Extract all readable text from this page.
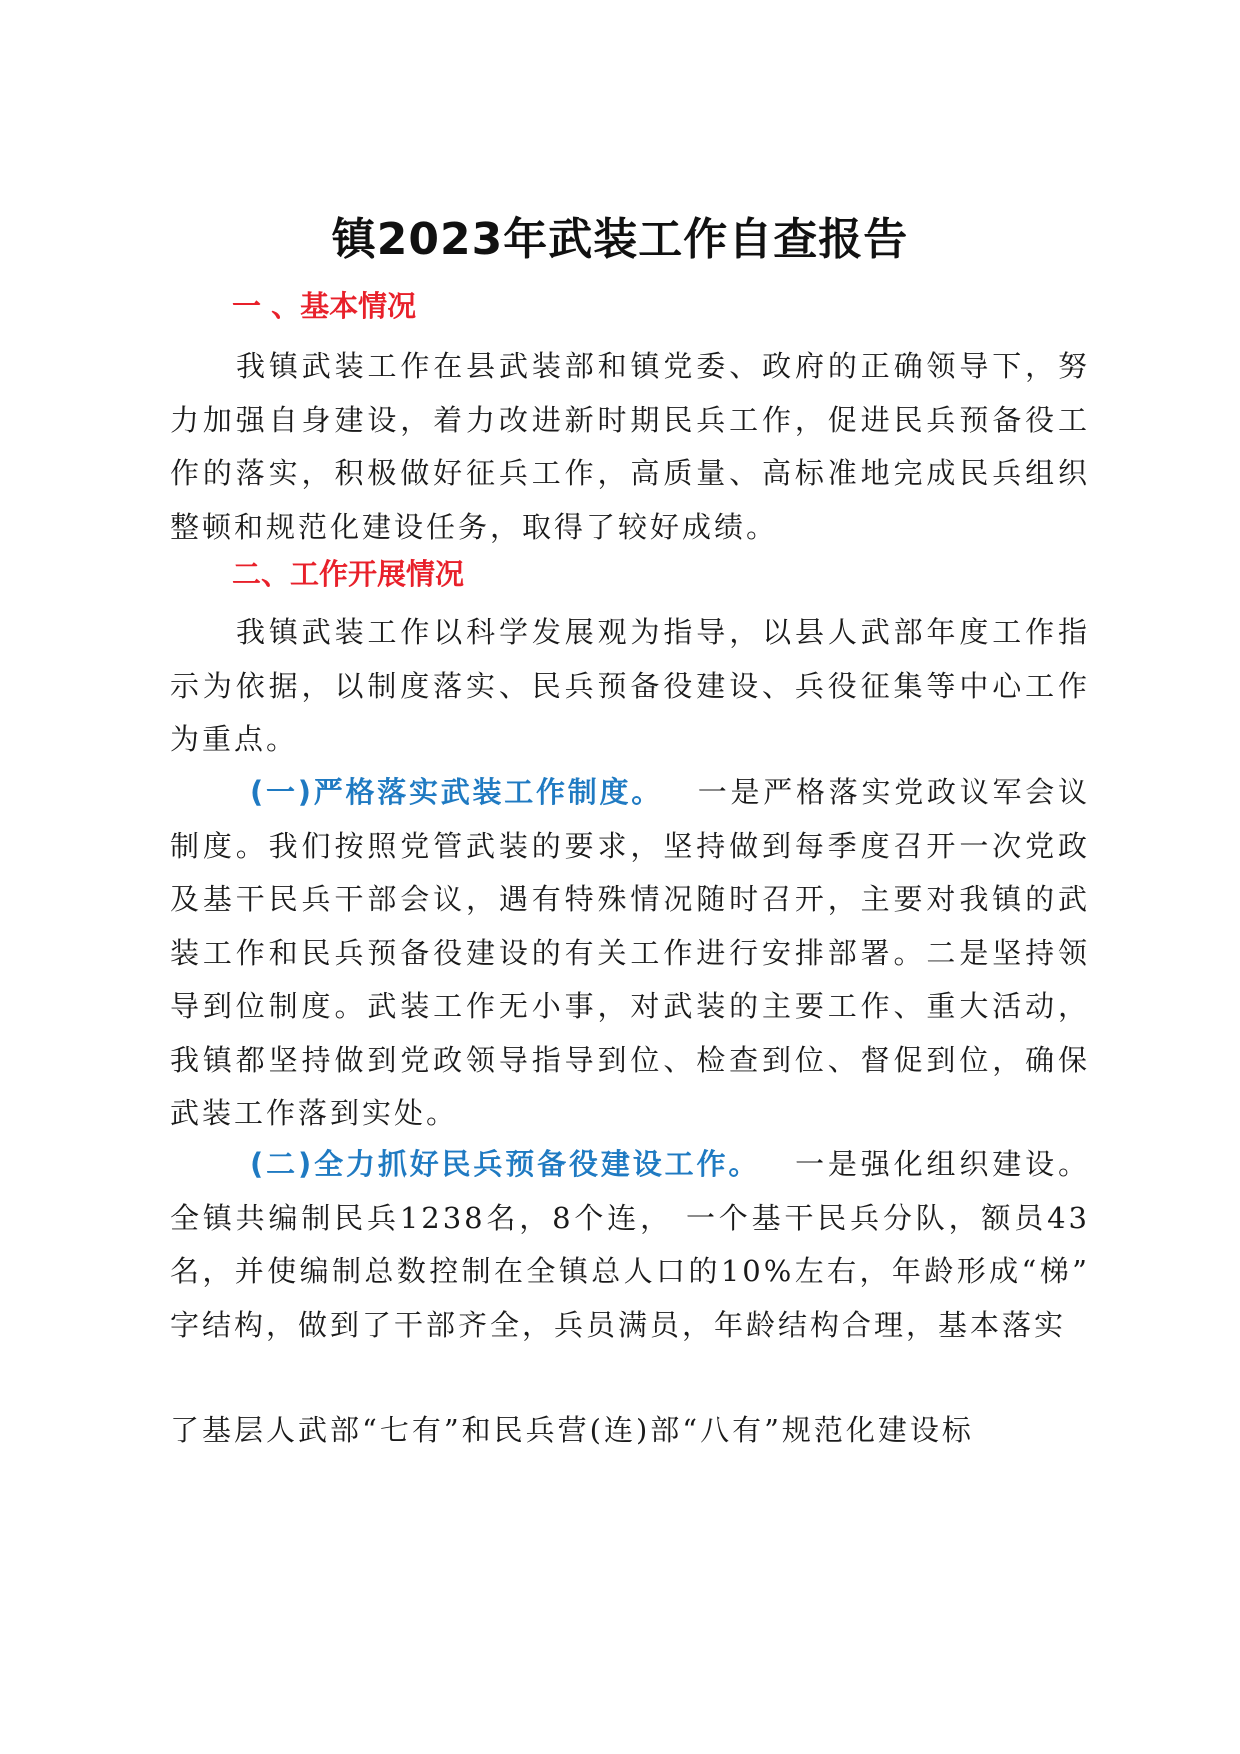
镇2023年武装工作自查报告
一 、基本情况
我镇武装工作在县武装部和镇党委、政府的正确领导下，努力加强自身建设，着力改进新时期民兵工作，促进民兵预备役工作的落实，积极做好征兵工作，高质量、高标准地完成民兵组织整顿和规范化建设任务，取得了较好成绩。
二、工作开展情况
我镇武装工作以科学发展观为指导，以县人武部年度工作指示为依据，以制度落实、民兵预备役建设、兵役征集等中心工作为重点。
(一)严格落实武装工作制度。 一是严格落实党政议军会议制度。我们按照党管武装的要求，坚持做到每季度召开一次党政及基干民兵干部会议，遇有特殊情况随时召开，主要对我镇的武装工作和民兵预备役建设的有关工作进行安排部署。二是坚持领导到位制度。武装工作无小事，对武装的主要工作、重大活动，我镇都坚持做到党政领导指导到位、检查到位、督促到位，确保武装工作落到实处。
(二)全力抓好民兵预备役建设工作。 一是强化组织建设。全镇共编制民兵1238名，8个连， 一个基干民兵分队，额员43 名，并使编制总数控制在全镇总人口的10%左右，年龄形成“梯” 字结构，做到了干部齐全，兵员满员，年龄结构合理，基本落实
了基层人武部“七有”和民兵营(连)部“八有”规范化建设标
